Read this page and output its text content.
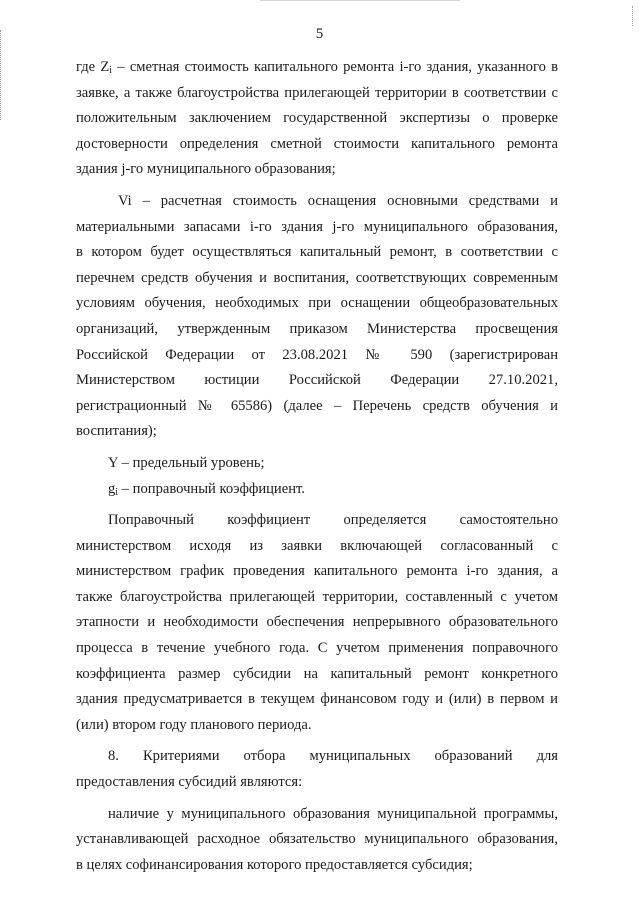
5
где $Z_i$ – сметная стоимость капитального ремонта i-го здания, указанного в
заявке, а также благоустройства прилегающей территории в соответствии с
положительным заключением государственной экспертизы о проверке
достоверности определения сметной стоимости капитального ремонта
здания j-го муниципального образования;
Vi – расчетная стоимость оснащения основными средствами и
материальными запасами i-го здания j-го муниципального образования,
в котором будет осуществляться капитальный ремонт, в соответствии с
перечнем средств обучения и воспитания, соответствующих современным
условиям обучения, необходимых при оснащении общеобразовательных
организаций, утвержденным приказом Министерства просвещения
Российской Федерации от 23.08.2021 № 590 (зарегистрирован
Министерством юстиции Российской Федерации 27.10.2021,
регистрационный № 65586) (далее – Перечень средств обучения и
воспитания);
Y – предельный уровень;
$g_i$ – поправочный коэффициент.
Поправочный коэффициент определяется самостоятельно
министерством исходя из заявки включающей согласованный с
министерством график проведения капитального ремонта i-го здания, а
также благоустройства прилегающей территории, составленный с учетом
этапности и необходимости обеспечения непрерывного образовательного
процесса в течение учебного года. С учетом применения поправочного
коэффициента размер субсидии на капитальный ремонт конкретного
здания предусматривается в текущем финансовом году и (или) в первом и
(или) втором году планового периода.
8. Критериями отбора муниципальных образований для
предоставления субсидий являются:
наличие у муниципального образования муниципальной программы,
устанавливающей расходное обязательство муниципального образования,
в целях софинансирования которого предоставляется субсидия;
